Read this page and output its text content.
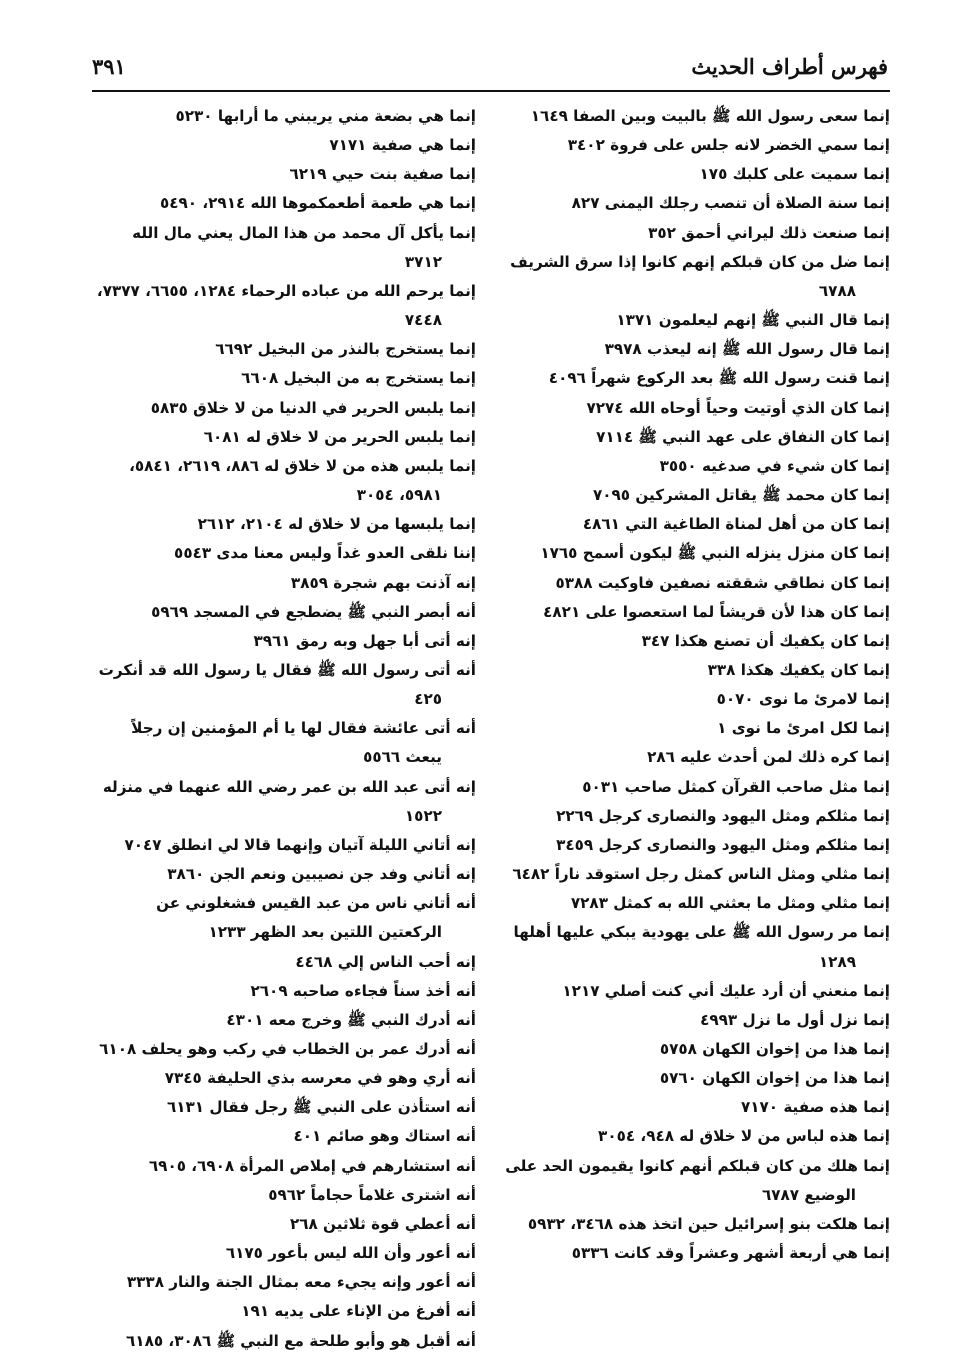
فهرس أطراف الحديث
٣٩١
إنما سعى رسول الله ﷺ بالبيت وبين الصفا ١٦٤٩
إنما سمي الخضر لانه جلس على فروة ٣٤٠٢
إنما سميت على كلبك ١٧٥
إنما سنة الصلاة أن تنصب رجلك اليمنى ٨٢٧
إنما صنعت ذلك ليراني أحمق ٣٥٢
إنما ضل من كان قبلكم إنهم كانوا إذا سرق الشريف ٦٧٨٨
إنما قال النبي ﷺ إنهم ليعلمون ١٣٧١
إنما قال رسول الله ﷺ إنه ليعذب ٣٩٧٨
إنما قنت رسول الله ﷺ بعد الركوع شهراً ٤٠٩٦
إنما كان الذي أوتيت وحياً أوحاه الله ٧٢٧٤
إنما كان النفاق على عهد النبي ﷺ ٧١١٤
إنما كان شيء في صدغيه ٣٥٥٠
إنما كان محمد ﷺ يقاتل المشركين ٧٠٩٥
إنما كان من أهل لمناة الطاغية التي ٤٨٦١
إنما كان منزل ينزله النبي ﷺ ليكون أسمح ١٧٦٥
إنما كان نطاقي شققته نصفين فاوكيت ٥٣٨٨
إنما كان هذا لأن قريشاً لما استعصوا على ٤٨٢١
إنما كان يكفيك أن تصنع هكذا ٣٤٧
إنما كان يكفيك هكذا ٣٣٨
إنما لامرئ ما نوى ٥٠٧٠
إنما لكل امرئ ما نوى ١
إنما كره ذلك لمن أحدث عليه ٢٨٦
إنما مثل صاحب القرآن كمثل صاحب ٥٠٣١
إنما مثلكم ومثل اليهود والنصارى كرجل ٢٢٦٩
إنما مثلكم ومثل اليهود والنصارى كرجل ٣٤٥٩
إنما مثلي ومثل الناس كمثل رجل استوقد ناراً ٦٤٨٢
إنما مثلي ومثل ما بعثني الله به كمثل ٧٢٨٣
إنما مر رسول الله ﷺ على يهودية يبكي عليها أهلها ١٢٨٩
إنما منعني أن أرد عليك أني كنت أصلي ١٢١٧
إنما نزل أول ما نزل ٤٩٩٣
إنما هذا من إخوان الكهان ٥٧٥٨
إنما هذا من إخوان الكهان ٥٧٦٠
إنما هذه صفية ٧١٧٠
إنما هذه لباس من لا خلاق له ٩٤٨، ٣٠٥٤
إنما هلك من كان قبلكم أنهم كانوا يقيمون الحد على الوضيع ٦٧٨٧
إنما هلكت بنو إسرائيل حين اتخذ هذه ٣٤٦٨، ٥٩٣٢
إنما هي أربعة أشهر وعشراً وقد كانت ٥٣٣٦
إنما هي بضعة مني يريبني ما أرابها ٥٢٣٠
إنما هي صفية ٧١٧١
إنما صفية بنت حيي ٦٢١٩
إنما هي طعمة أطعمكموها الله ٢٩١٤، ٥٤٩٠
إنما يأكل آل محمد من هذا المال يعني مال الله ٣٧١٢
إنما يرحم الله من عباده الرحماء ١٢٨٤، ٦٦٥٥، ٧٣٧٧، ٧٤٤٨
إنما يستخرج بالنذر من البخيل ٦٦٩٢
إنما يستخرج به من البخيل ٦٦٠٨
إنما يلبس الحرير في الدنيا من لا خلاق ٥٨٣٥
إنما يلبس الحرير من لا خلاق له ٦٠٨١
إنما يلبس هذه من لا خلاق له ٨٨٦، ٢٦١٩، ٥٨٤١، ٥٩٨١، ٣٠٥٤
إنما يلبسها من لا خلاق له ٢١٠٤، ٢٦١٢
إننا نلقى العدو غداً وليس معنا مدى ٥٥٤٣
إنه آذنت بهم شجرة ٣٨٥٩
أنه أبصر النبي ﷺ يضطجع في المسجد ٥٩٦٩
إنه أتى أبا جهل وبه رمق ٣٩٦١
أنه أتى رسول الله ﷺ فقال يا رسول الله قد أنكرت ٤٢٥
أنه أتى عائشة فقال لها يا أم المؤمنين إن رجلاً يبعث ٥٥٦٦
إنه أتى عبد الله بن عمر رضي الله عنهما في منزله ١٥٢٢
إنه أتاني الليلة آتيان وإنهما قالا لي انطلق ٧٠٤٧
إنه أتاني وفد جن نصيبين ونعم الجن ٣٨٦٠
أنه أتاني ناس من عبد القيس فشغلوني عن الركعتين اللتين بعد الظهر ١٢٣٣
إنه أحب الناس إلي ٤٤٦٨
أنه أخذ سناً فجاءه صاحبه ٢٦٠٩
أنه أدرك النبي ﷺ وخرج معه ٤٣٠١
أنه أدرك عمر بن الخطاب في ركب وهو يحلف ٦١٠٨
أنه أري وهو في معرسه بذي الحليفة ٧٣٤٥
أنه استأذن على النبي ﷺ رجل فقال ٦١٣١
أنه استاك وهو صائم ٤٠١
أنه استشارهم في إملاص المرأة ٦٩٠٨، ٦٩٠٥
أنه اشترى غلاماً حجاماً ٥٩٦٢
أنه أعطي قوة ثلاثين ٢٦٨
أنه أعور وأن الله ليس بأعور ٦١٧٥
أنه أعور وإنه يجيء معه بمثال الجنة والنار ٣٣٣٨
أنه أفرغ من الإناء على يديه ١٩١
أنه أقبل هو وأبو طلحة مع النبي ﷺ ٣٠٨٦، ٦١٨٥
